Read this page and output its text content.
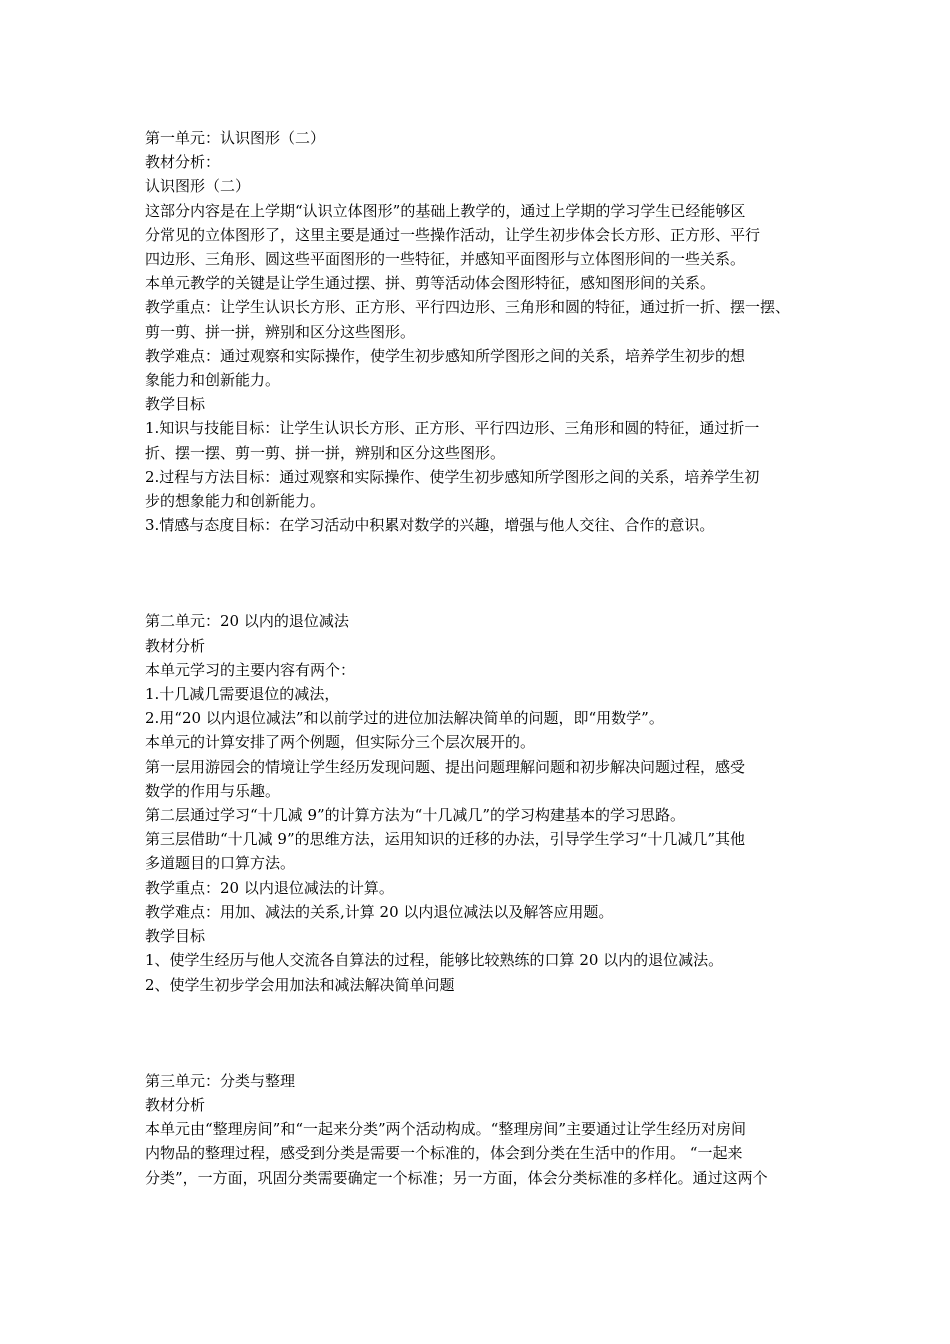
第一单元：认识图形（二）

教材分析：

认识图形（二）

这部分内容是在上学期“认识立体图形”的基础上教学的，通过上学期的学习学生已经能够区

分常见的立体图形了，这里主要是通过一些操作活动，让学生初步体会长方形、正方形、平行

四边形、三角形、圆这些平面图形的一些特征，并感知平面图形与立体图形间的一些关系。

本单元教学的关键是让学生通过摆、拼、剪等活动体会图形特征，感知图形间的关系。

教学重点：让学生认识长方形、正方形、平行四边形、三角形和圆的特征，通过折一折、摆一摆、

剪一剪、拼一拼，辨别和区分这些图形。

教学难点：通过观察和实际操作，使学生初步感知所学图形之间的关系，培养学生初步的想

象能力和创新能力。

教学目标

1.知识与技能目标：让学生认识长方形、正方形、平行四边形、三角形和圆的特征，通过折一

折、摆一摆、剪一剪、拼一拼，辨别和区分这些图形。

2.过程与方法目标：通过观察和实际操作、使学生初步感知所学图形之间的关系，培养学生初

步的想象能力和创新能力。

3.情感与态度目标：在学习活动中积累对数学的兴趣，增强与他人交往、合作的意识。

第二单元：20 以内的退位减法

教材分析

本单元学习的主要内容有两个：

1.十几减几需要退位的减法，

2.用“20 以内退位减法”和以前学过的进位加法解决简单的问题，即“用数学”。

本单元的计算安排了两个例题，但实际分三个层次展开的。

第一层用游园会的情境让学生经历发现问题、提出问题理解问题和初步解决问题过程，感受

数学的作用与乐趣。

第二层通过学习“十几减 9”的计算方法为“十几减几”的学习构建基本的学习思路。

第三层借助“十几减 9”的思维方法，运用知识的迁移的办法，引导学生学习“十几减几”其他

多道题目的口算方法。

教学重点：20 以内退位减法的计算。

教学难点：用加、减法的关系,计算 20 以内退位减法以及解答应用题。

教学目标

1、使学生经历与他人交流各自算法的过程，能够比较熟练的口算 20 以内的退位减法。

2、使学生初步学会用加法和减法解决简单问题

第三单元：分类与整理

教材分析

本单元由“整理房间”和“一起来分类”两个活动构成。“整理房间”主要通过让学生经历对房间

内物品的整理过程，感受到分类是需要一个标准的，体会到分类在生活中的作用。 “一起来

分类”，一方面，巩固分类需要确定一个标准；另一方面，体会分类标准的多样化。通过这两个
